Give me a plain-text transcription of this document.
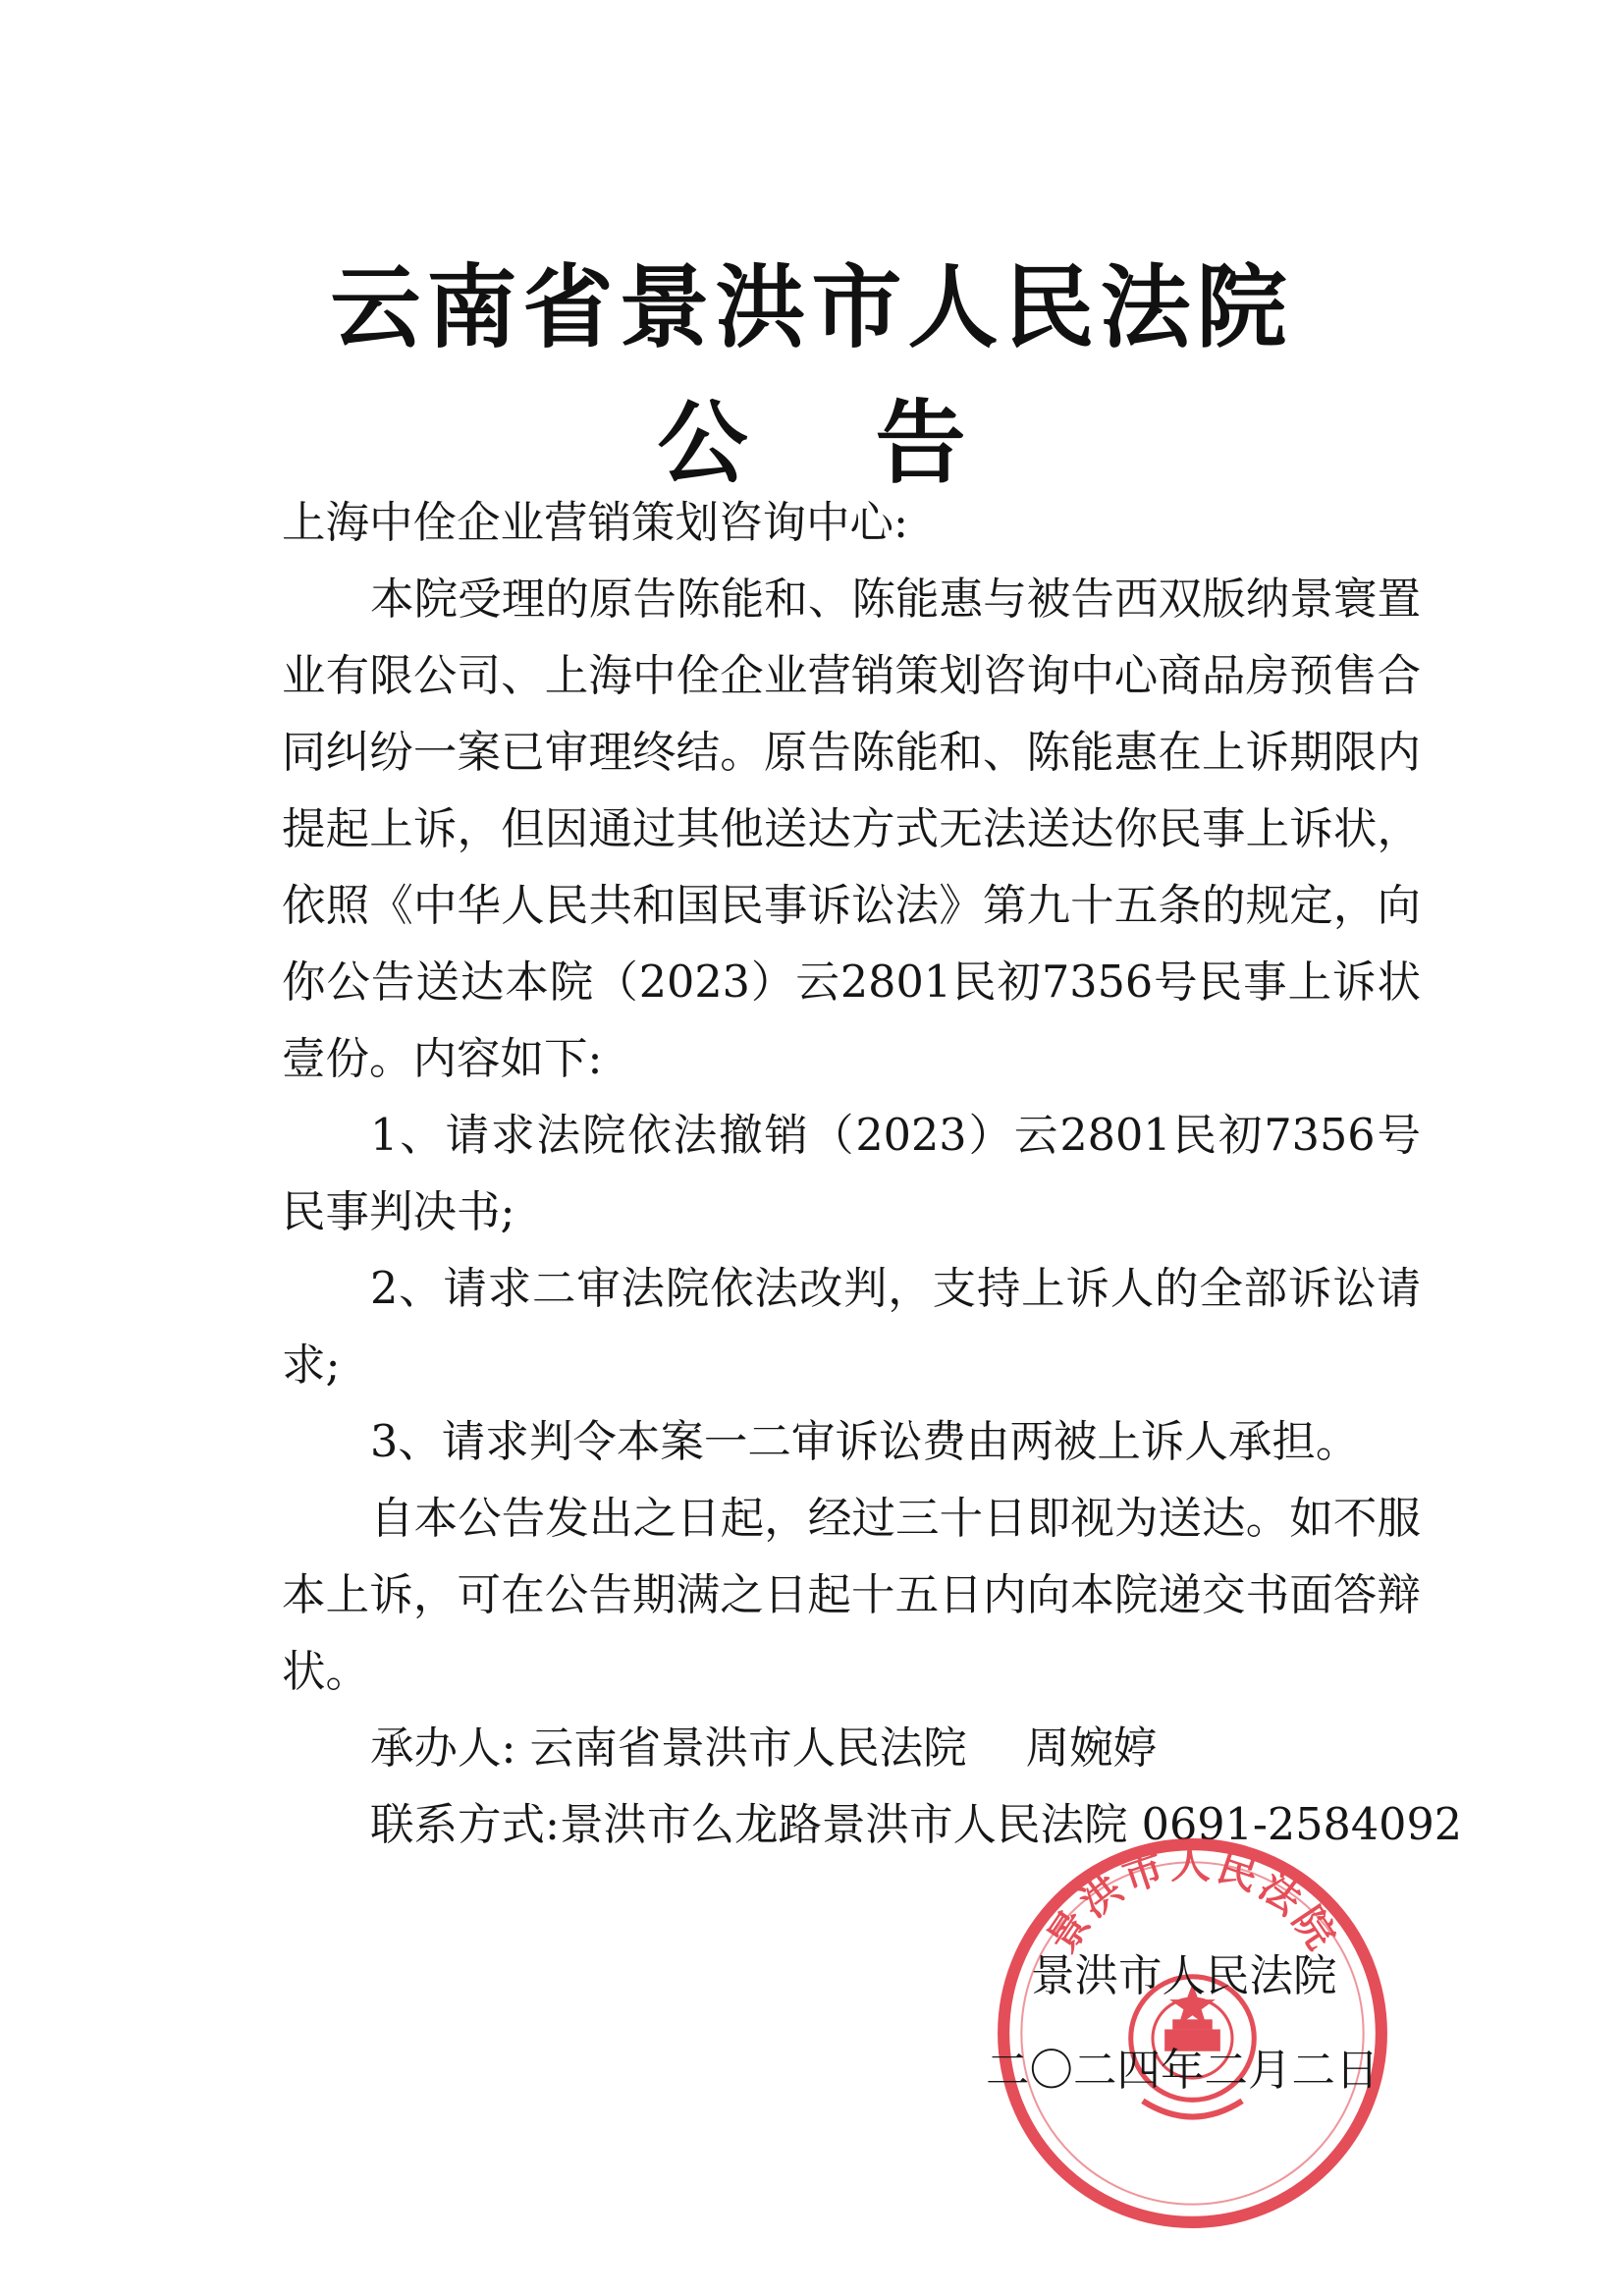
云南省景洪市人民法院
公告

上海中佺企业营销策划咨询中心:

本院受理的原告陈能和、陈能惠与被告西双版纳景寰置业有限公司、上海中佺企业营销策划咨询中心商品房预售合同纠纷一案已审理终结。原告陈能和、陈能惠在上诉期限内提起上诉，但因通过其他送达方式无法送达你民事上诉状，依照《中华人民共和国民事诉讼法》第九十五条的规定，向你公告送达本院（2023）云2801民初7356号民事上诉状壹份。内容如下:

1、请求法院依法撤销（2023）云2801民初7356号民事判决书;

2、请求二审法院依法改判，支持上诉人的全部诉讼请求;

3、请求判令本案一二审诉讼费由两被上诉人承担。

自本公告发出之日起，经过三十日即视为送达。如不服本上诉，可在公告期满之日起十五日内向本院递交书面答辩状。

承办人: 云南省景洪市人民法院 周婉婷

联系方式:景洪市么龙路景洪市人民法院 0691-2584092

景洪市人民法院
景洪市人民法院
二〇二四年二月二日
